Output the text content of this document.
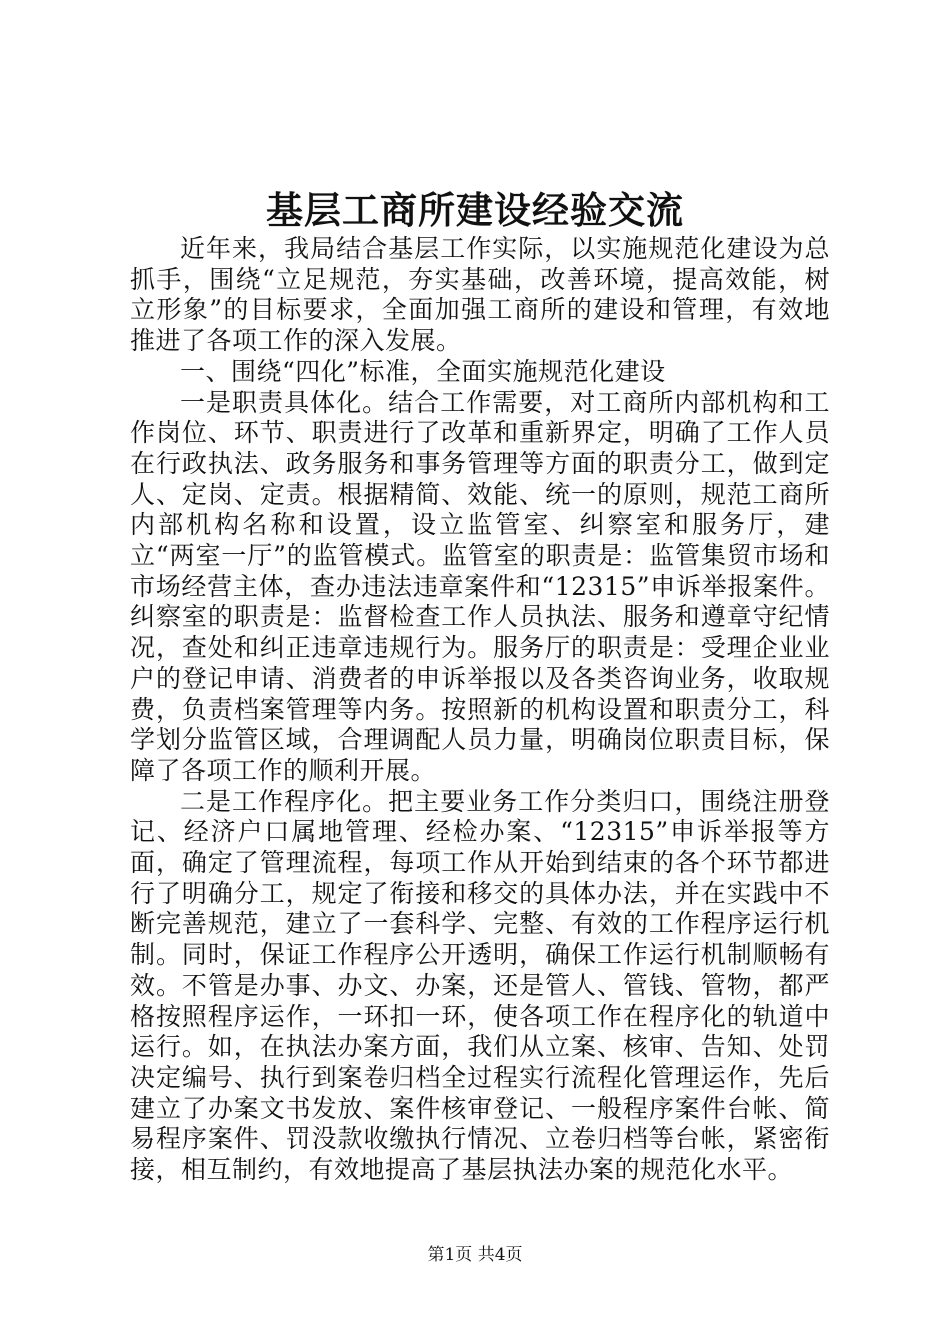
基层工商所建设经验交流

近年来，我局结合基层工作实际，以实施规范化建设为总抓手，围绕“立足规范，夯实基础，改善环境，提高效能，树立形象”的目标要求，全面加强工商所的建设和管理，有效地推进了各项工作的深入发展。

一、围绕“四化”标准，全面实施规范化建设

一是职责具体化。结合工作需要，对工商所内部机构和工作岗位、环节、职责进行了改革和重新界定，明确了工作人员在行政执法、政务服务和事务管理等方面的职责分工，做到定人、定岗、定责。根据精简、效能、统一的原则，规范工商所内部机构名称和设置，设立监管室、纠察室和服务厅，建立“两室一厅”的监管模式。监管室的职责是：监管集贸市场和市场经营主体，查办违法违章案件和“12315”申诉举报案件。纠察室的职责是：监督检查工作人员执法、服务和遵章守纪情况，查处和纠正违章违规行为。服务厅的职责是：受理企业业户的登记申请、消费者的申诉举报以及各类咨询业务，收取规费，负责档案管理等内务。按照新的机构设置和职责分工，科学划分监管区域，合理调配人员力量，明确岗位职责目标，保障了各项工作的顺利开展。

二是工作程序化。把主要业务工作分类归口，围绕注册登记、经济户口属地管理、经检办案、“12315”申诉举报等方面，确定了管理流程，每项工作从开始到结束的各个环节都进行了明确分工，规定了衔接和移交的具体办法，并在实践中不断完善规范，建立了一套科学、完整、有效的工作程序运行机制。同时，保证工作程序公开透明，确保工作运行机制顺畅有效。不管是办事、办文、办案，还是管人、管钱、管物，都严格按照程序运作，一环扣一环，使各项工作在程序化的轨道中运行。如，在执法办案方面，我们从立案、核审、告知、处罚决定编号、执行到案卷归档全过程实行流程化管理运作，先后建立了办案文书发放、案件核审登记、一般程序案件台帐、简易程序案件、罚没款收缴执行情况、立卷归档等台帐，紧密衔接，相互制约，有效地提高了基层执法办案的规范化水平。

第1页 共4页
